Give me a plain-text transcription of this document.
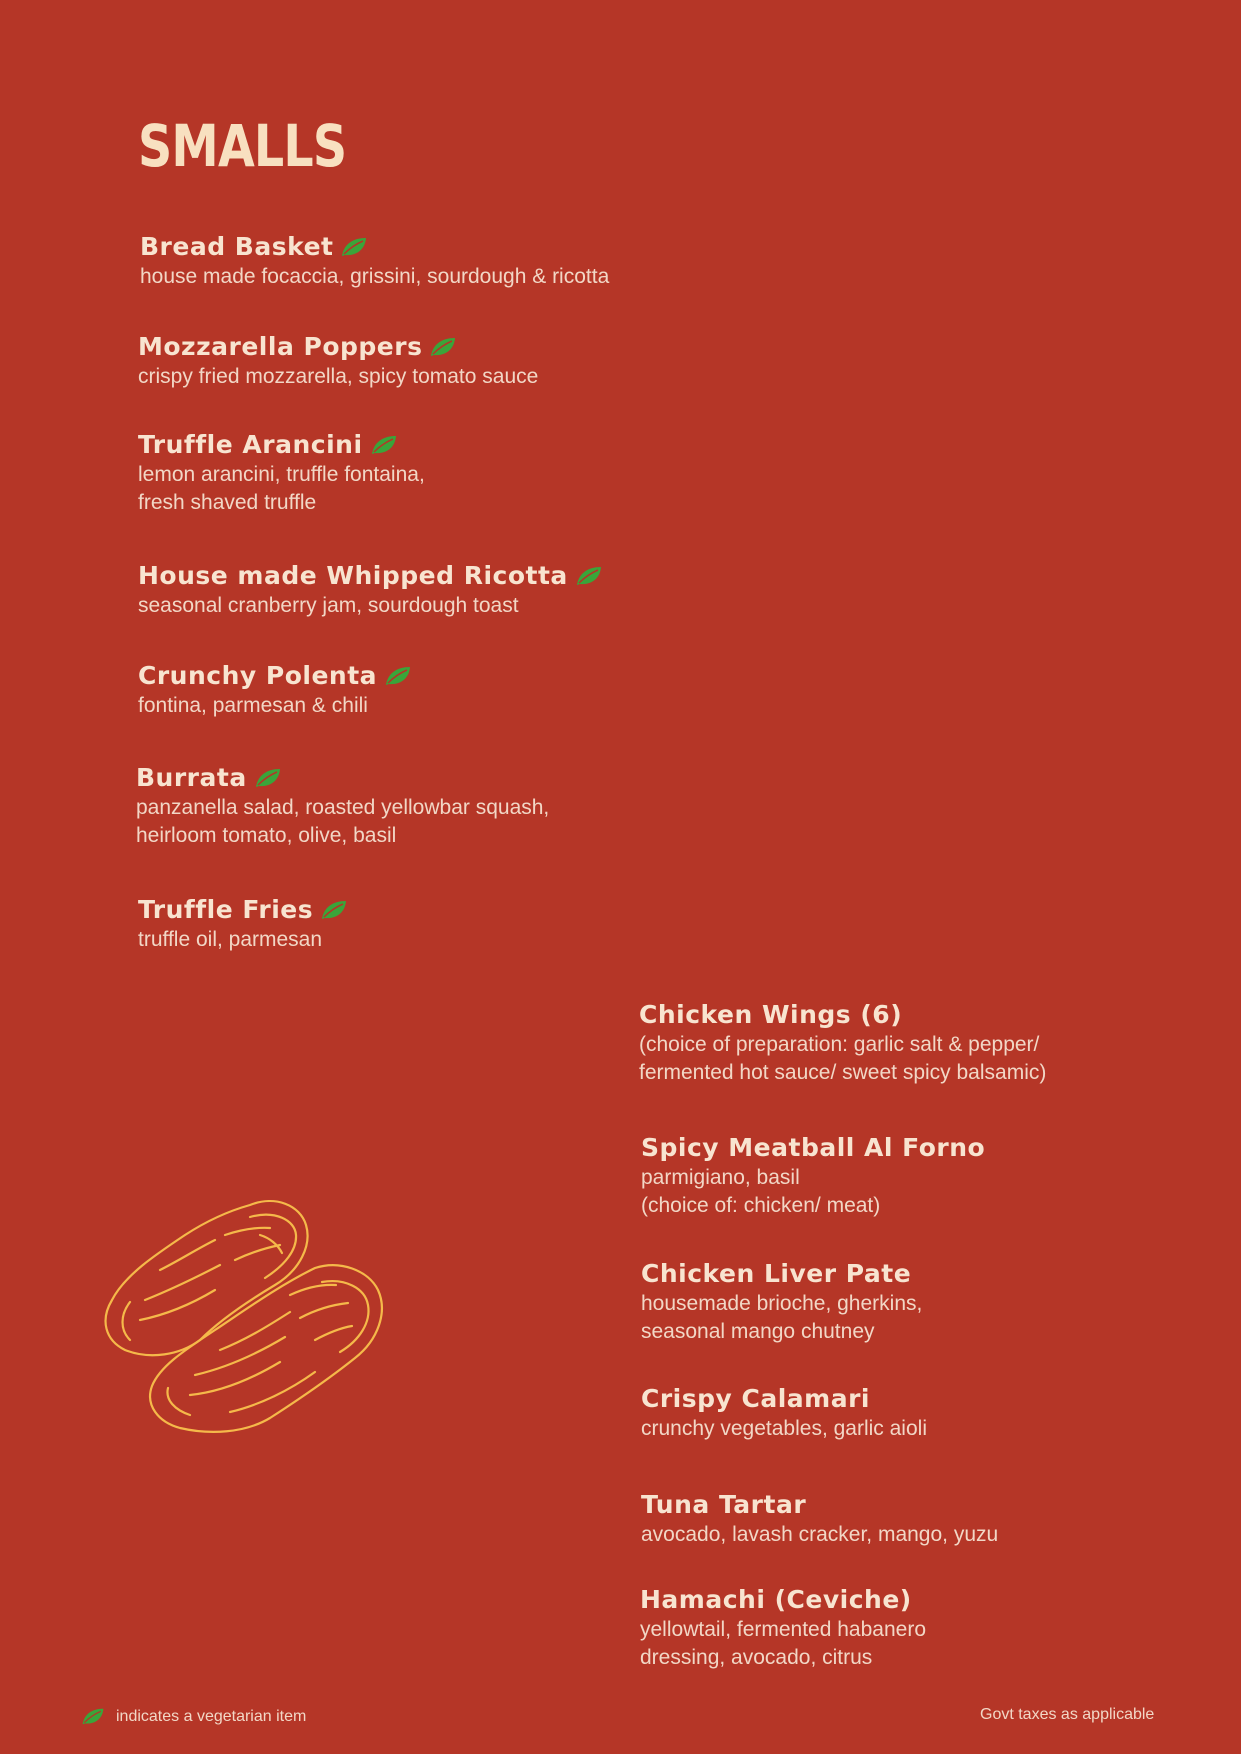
SMALLS
Bread Basket
house made focaccia, grissini, sourdough & ricotta
Mozzarella Poppers
crispy fried mozzarella, spicy tomato sauce
Truffle Arancini
lemon arancini, truffle fontaina,
fresh shaved truffle
House made Whipped Ricotta
seasonal cranberry jam, sourdough toast
Crunchy Polenta
fontina, parmesan & chili
Burrata
panzanella salad, roasted yellowbar squash,
heirloom tomato, olive, basil
Truffle Fries
truffle oil, parmesan
Chicken Wings (6)
(choice of preparation: garlic salt & pepper/
fermented hot sauce/ sweet spicy balsamic)
Spicy Meatball Al Forno
parmigiano, basil
(choice of: chicken/ meat)
Chicken Liver Pate
housemade brioche, gherkins,
seasonal mango chutney
Crispy Calamari
crunchy vegetables, garlic aioli
Tuna Tartar
avocado, lavash cracker, mango, yuzu
Hamachi (Ceviche)
yellowtail, fermented habanero
dressing, avocado, citrus
indicates a vegetarian item	Govt taxes as applicable
